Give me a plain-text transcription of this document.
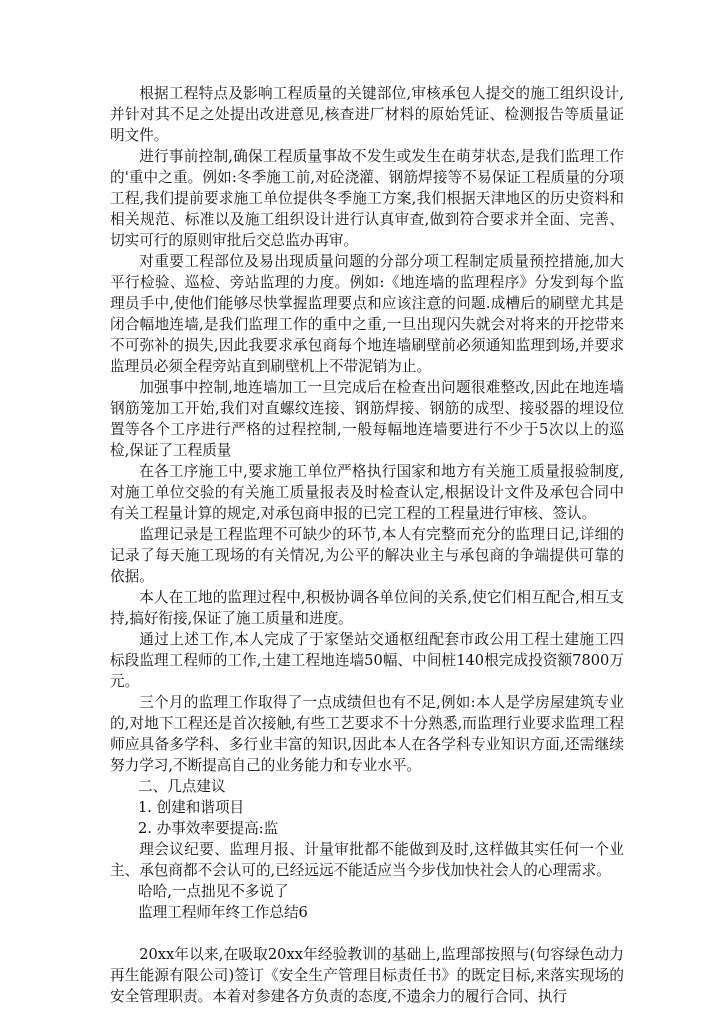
根据工程特点及影响工程质量的关键部位,审核承包人提交的施工组织设计,并针对其不足之处提出改进意见,核查进厂材料的原始凭证、检测报告等质量证明文件。

进行事前控制,确保工程质量事故不发生或发生在萌芽状态,是我们监理工作的'重中之重。例如:冬季施工前,对砼浇灌、钢筋焊接等不易保证工程质量的分项工程,我们提前要求施工单位提供冬季施工方案,我们根据天津地区的历史资料和相关规范、标准以及施工组织设计进行认真审查,做到符合要求并全面、完善、切实可行的原则审批后交总监办再审。

对重要工程部位及易出现质量问题的分部分项工程制定质量预控措施,加大平行检验、巡检、旁站监理的力度。例如:《地连墙的监理程序》分发到每个监理员手中,使他们能够尽快掌握监理要点和应该注意的问题.成槽后的刷壁尤其是闭合幅地连墙,是我们监理工作的重中之重,一旦出现闪失就会对将来的开挖带来不可弥补的损失,因此我要求承包商每个地连墙刷壁前必须通知监理到场,并要求监理员必须全程旁站直到刷壁机上不带泥销为止。

加强事中控制,地连墙加工一旦完成后在检查出问题很难整改,因此在地连墙钢筋笼加工开始,我们对直螺纹连接、钢筋焊接、钢筋的成型、接驳器的埋设位置等各个工序进行严格的过程控制,一般每幅地连墙要进行不少于5次以上的巡检,保证了工程质量

在各工序施工中,要求施工单位严格执行国家和地方有关施工质量报验制度,对施工单位交验的有关施工质量报表及时检查认定,根据设计文件及承包合同中有关工程量计算的规定,对承包商申报的已完工程的工程量进行审核、签认。

监理记录是工程监理不可缺少的环节,本人有完整而充分的监理日记,详细的记录了每天施工现场的有关情况,为公平的解决业主与承包商的争端提供可靠的依据。

本人在工地的监理过程中,积极协调各单位间的关系,使它们相互配合,相互支持,搞好衔接,保证了施工质量和进度。

通过上述工作,本人完成了于家堡站交通枢纽配套市政公用工程土建施工四标段监理工程师的工作,土建工程地连墙50幅、中间桩140根完成投资额7800万元。

三个月的监理工作取得了一点成绩但也有不足,例如:本人是学房屋建筑专业的,对地下工程还是首次接触,有些工艺要求不十分熟悉,而监理行业要求监理工程师应具备多学科、多行业丰富的知识,因此本人在各学科专业知识方面,还需继续努力学习,不断提高自己的业务能力和专业水平。

二、几点建议

1. 创建和谐项目

2. 办事效率要提高:监

理会议纪要、监理月报、计量审批都不能做到及时,这样做其实任何一个业主、承包商都不会认可的,已经远远不能适应当今步伐加快社会人的心理需求。

哈哈,一点拙见不多说了

监理工程师年终工作总结6

20xx年以来,在吸取20xx年经验教训的基础上,监理部按照与(句容绿色动力再生能源有限公司)签订《安全生产管理目标责任书》的既定目标,来落实现场的安全管理职责。本着对参建各方负责的态度,不遗余力的履行合同、执行
